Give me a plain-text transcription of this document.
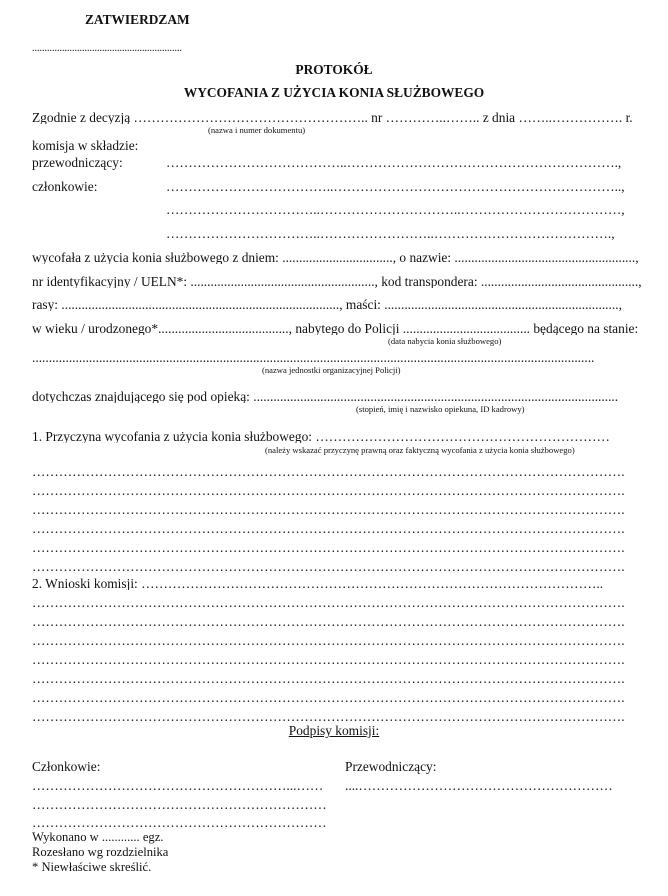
ZATWIERDZAM
............................................................
PROTOKÓŁ
WYCOFANIA Z UŻYCIA KONIA SŁUŻBOWEGO
Zgodnie z decyzją …………………………………………….. nr …………..…….. z dnia ……..……………. r.
(nazwa i numer dokumentu)
komisja w składzie:
przewodniczący:	…………………………………..…………………………………………………….,
członkowie:	………………………………..………………………………………………………..,
……………………………..…………………………..………………………………,
……………………………..……………………..………………………………….,
wycofała z użycia konia służbowego z dniem: ................................., o nazwie: ......................................................,
nr identyfikacyjny / UELN*: ......................................................., kod transpondera: ...............................................,
rasy: ..................................................................................., maści: ......................................................................,
w wieku / urodzonego*......................................., nabytego do Policji ...................................... będącego na stanie:
(data nabycia konia służbowego)
........................................................................................................................................................................
(nazwa jednostki organizacyjnej Policji)
dotychczas znajdującego się pod opieką: .............................................................................................................
(stopień, imię i nazwisko opiekuna, ID kadrowy)
1. Przyczyna wycofania z użycia konia służbowego: …………………………………………………………
(należy wskazać przyczynę prawną oraz faktyczną wycofania z użycia konia służbowego)
…………………………………………………………………………………………………………………….
…………………………………………………………………………………………………………………….
…………………………………………………………………………………………………………………….
…………………………………………………………………………………………………………………….
…………………………………………………………………………………………………………………….
…………………………………………………………………………………………………………………….
2. Wnioski komisji: …………………………………………………………………………………………..
…………………………………………………………………………………………………………………….
…………………………………………………………………………………………………………………….
…………………………………………………………………………………………………………………….
…………………………………………………………………………………………………………………….
…………………………………………………………………………………………………………………….
…………………………………………………………………………………………………………………….
…………………………………………………………………………………………………………………….
Podpisy komisji:
Członkowie:	Przewodniczący:
…………………………………………………...……	....…………………………………………………
…………………………………………………………
…………………………………………………………
Wykonano w ............ egz.
Rozesłano wg rozdzielnika
* Niewłaściwe skreślić.
